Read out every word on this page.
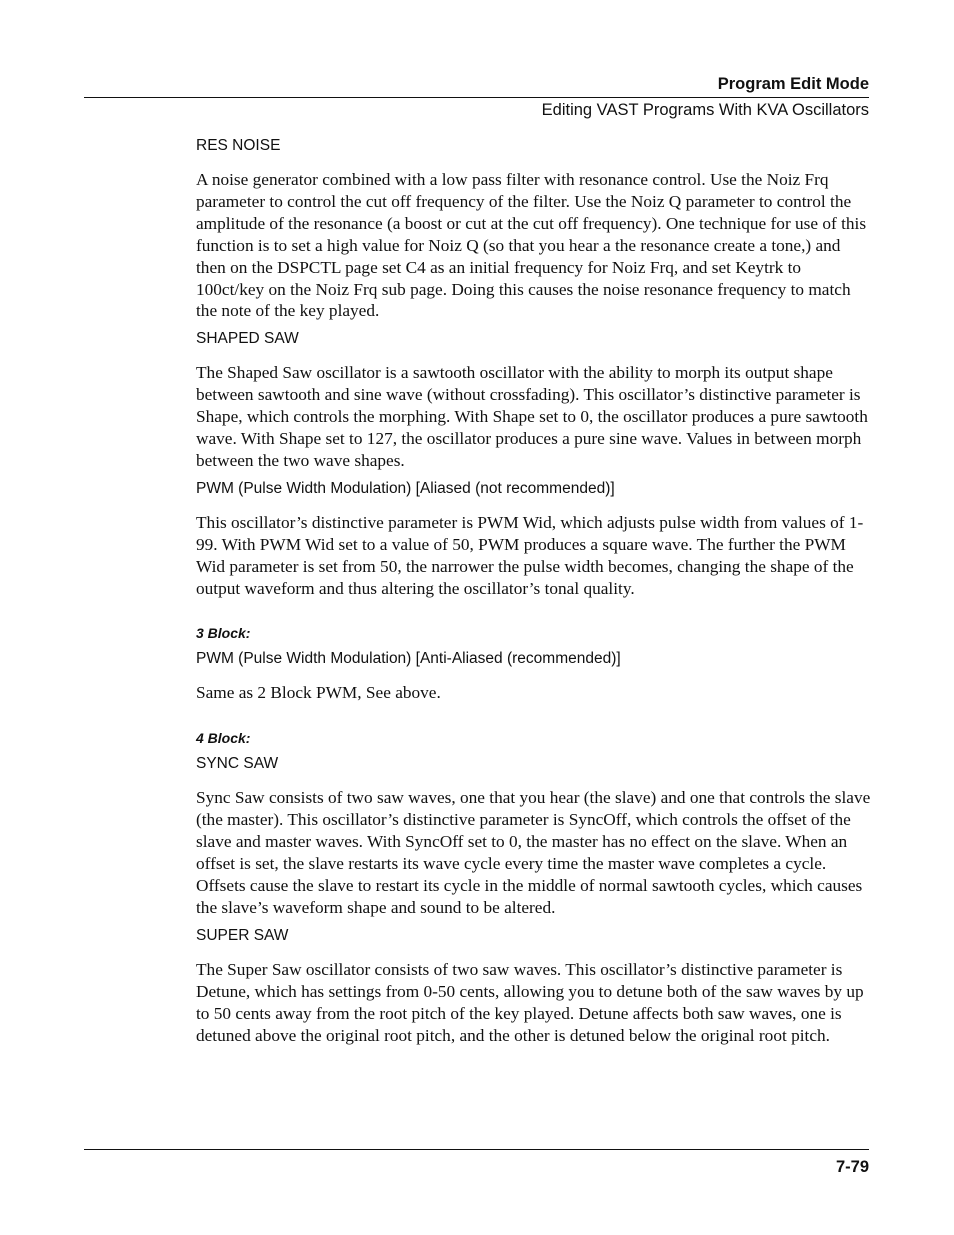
Program Edit Mode
Editing VAST Programs With KVA Oscillators

RES NOISE

A noise generator combined with a low pass filter with resonance control. Use the Noiz Frq parameter to control the cut off frequency of the filter. Use the Noiz Q parameter to control the amplitude of the resonance (a boost or cut at the cut off frequency). One technique for use of this function is to set a high value for Noiz Q (so that you hear a the resonance create a tone,) and then on the DSPCTL page set C4 as an initial frequency for Noiz Frq, and set Keytrk to 100ct/key on the Noiz Frq sub page. Doing this causes the noise resonance frequency to match the note of the key played.

SHAPED SAW

The Shaped Saw oscillator is a sawtooth oscillator with the ability to morph its output shape between sawtooth and sine wave (without crossfading). This oscillator’s distinctive parameter is Shape, which controls the morphing. With Shape set to 0, the oscillator produces a pure sawtooth wave. With Shape set to 127, the oscillator produces a pure sine wave. Values in between morph between the two wave shapes.

PWM (Pulse Width Modulation) [Aliased (not recommended)]

This oscillator’s distinctive parameter is PWM Wid, which adjusts pulse width from values of 1-99. With PWM Wid set to a value of 50, PWM produces a square wave. The further the PWM Wid parameter is set from 50, the narrower the pulse width becomes, changing the shape of the output waveform and thus altering the oscillator’s tonal quality.

3 Block:

PWM (Pulse Width Modulation) [Anti-Aliased (recommended)]

Same as 2 Block PWM, See above.

4 Block:

SYNC SAW

Sync Saw consists of two saw waves, one that you hear (the slave) and one that controls the slave (the master). This oscillator’s distinctive parameter is SyncOff, which controls the offset of the slave and master waves. With SyncOff set to 0, the master has no effect on the slave. When an offset is set, the slave restarts its wave cycle every time the master wave completes a cycle. Offsets cause the slave to restart its cycle in the middle of normal sawtooth cycles, which causes the slave’s waveform shape and sound to be altered.

SUPER SAW

The Super Saw oscillator consists of two saw waves. This oscillator’s distinctive parameter is Detune, which has settings from 0-50 cents, allowing you to detune both of the saw waves by up to 50 cents away from the root pitch of the key played. Detune affects both saw waves, one is detuned above the original root pitch, and the other is detuned below the original root pitch.

7-79
